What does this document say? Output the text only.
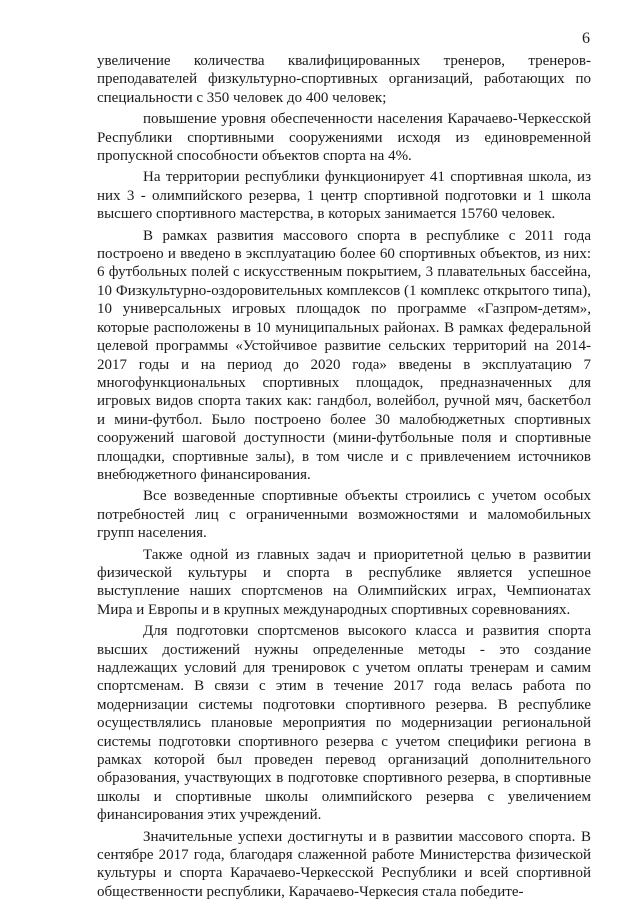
6

увеличение количества квалифицированных тренеров, тренеров-преподавателей физкультурно-спортивных организаций, работающих по специальности с 350 человек до 400 человек;

повышение уровня обеспеченности населения Карачаево-Черкесской Республики спортивными сооружениями исходя из единовременной пропускной способности объектов спорта на 4%.

На территории республики функционирует 41 спортивная школа, из них 3 - олимпийского резерва, 1 центр спортивной подготовки и 1 школа высшего спортивного мастерства, в которых занимается 15760 человек.

В рамках развития массового спорта в республике с 2011 года построено и введено в эксплуатацию более 60 спортивных объектов, из них: 6 футбольных полей с искусственным покрытием, 3 плавательных бассейна, 10 Физкультурно-оздоровительных комплексов (1 комплекс открытого типа), 10 универсальных игровых площадок по программе «Газпром-детям», которые расположены в 10 муниципальных районах. В рамках федеральной целевой программы «Устойчивое развитие сельских территорий на 2014-2017 годы и на период до 2020 года» введены в эксплуатацию 7 многофункциональных спортивных площадок, предназначенных для игровых видов спорта таких как: гандбол, волейбол, ручной мяч, баскетбол и мини-футбол. Было построено более 30 малобюджетных спортивных сооружений шаговой доступности (мини-футбольные поля и спортивные площадки, спортивные залы), в том числе и с привлечением источников внебюджетного финансирования.

Все возведенные спортивные объекты строились с учетом особых потребностей лиц с ограниченными возможностями и маломобильных групп населения.

Также одной из главных задач и приоритетной целью в развитии физической культуры и спорта в республике является успешное выступление наших спортсменов на Олимпийских играх, Чемпионатах Мира и Европы и в крупных международных спортивных соревнованиях.

Для подготовки спортсменов высокого класса и развития спорта высших достижений нужны определенные методы - это создание надлежащих условий для тренировок с учетом оплаты тренерам и самим спортсменам. В связи с этим в течение 2017 года велась работа по модернизации системы подготовки спортивного резерва. В республике осуществлялись плановые мероприятия по модернизации региональной системы подготовки спортивного резерва с учетом специфики региона в рамках которой был проведен перевод организаций дополнительного образования, участвующих в подготовке спортивного резерва, в спортивные школы и спортивные школы олимпийского резерва с увеличением финансирования этих учреждений.

Значительные успехи достигнуты и в развитии массового спорта. В сентябре 2017 года, благодаря слаженной работе Министерства физической культуры и спорта Карачаево-Черкесской Республики и всей спортивной общественности республики, Карачаево-Черкесия стала победите-
